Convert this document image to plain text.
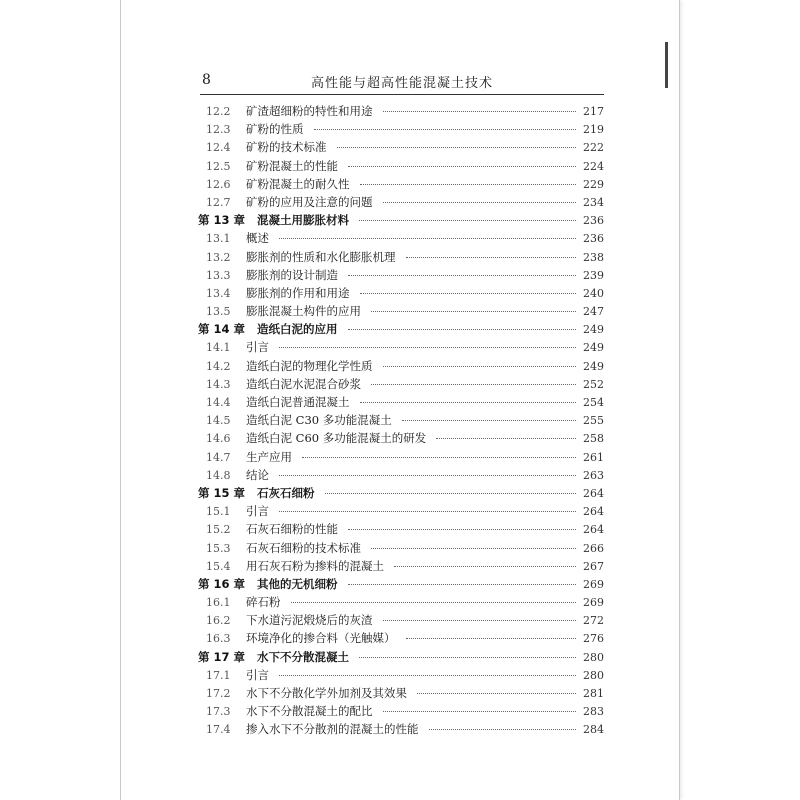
8	高性能与超高性能混凝土技术
12.2	矿渣超细粉的特性和用途	217
12.3	矿粉的性质	219
12.4	矿粉的技术标准	222
12.5	矿粉混凝土的性能	224
12.6	矿粉混凝土的耐久性	229
12.7	矿粉的应用及注意的问题	234
第 13 章 混凝土用膨胀材料	236
13.1	概述	236
13.2	膨胀剂的性质和水化膨胀机理	238
13.3	膨胀剂的设计制造	239
13.4	膨胀剂的作用和用途	240
13.5	膨胀混凝土构件的应用	247
第 14 章 造纸白泥的应用	249
14.1	引言	249
14.2	造纸白泥的物理化学性质	249
14.3	造纸白泥水泥混合砂浆	252
14.4	造纸白泥普通混凝土	254
14.5	造纸白泥 C30 多功能混凝土	255
14.6	造纸白泥 C60 多功能混凝土的研发	258
14.7	生产应用	261
14.8	结论	263
第 15 章 石灰石细粉	264
15.1	引言	264
15.2	石灰石细粉的性能	264
15.3	石灰石细粉的技术标准	266
15.4	用石灰石粉为掺料的混凝土	267
第 16 章 其他的无机细粉	269
16.1	碎石粉	269
16.2	下水道污泥煅烧后的灰渣	272
16.3	环境净化的掺合料（光触媒）	276
第 17 章 水下不分散混凝土	280
17.1	引言	280
17.2	水下不分散化学外加剂及其效果	281
17.3	水下不分散混凝土的配比	283
17.4	掺入水下不分散剂的混凝土的性能	284
